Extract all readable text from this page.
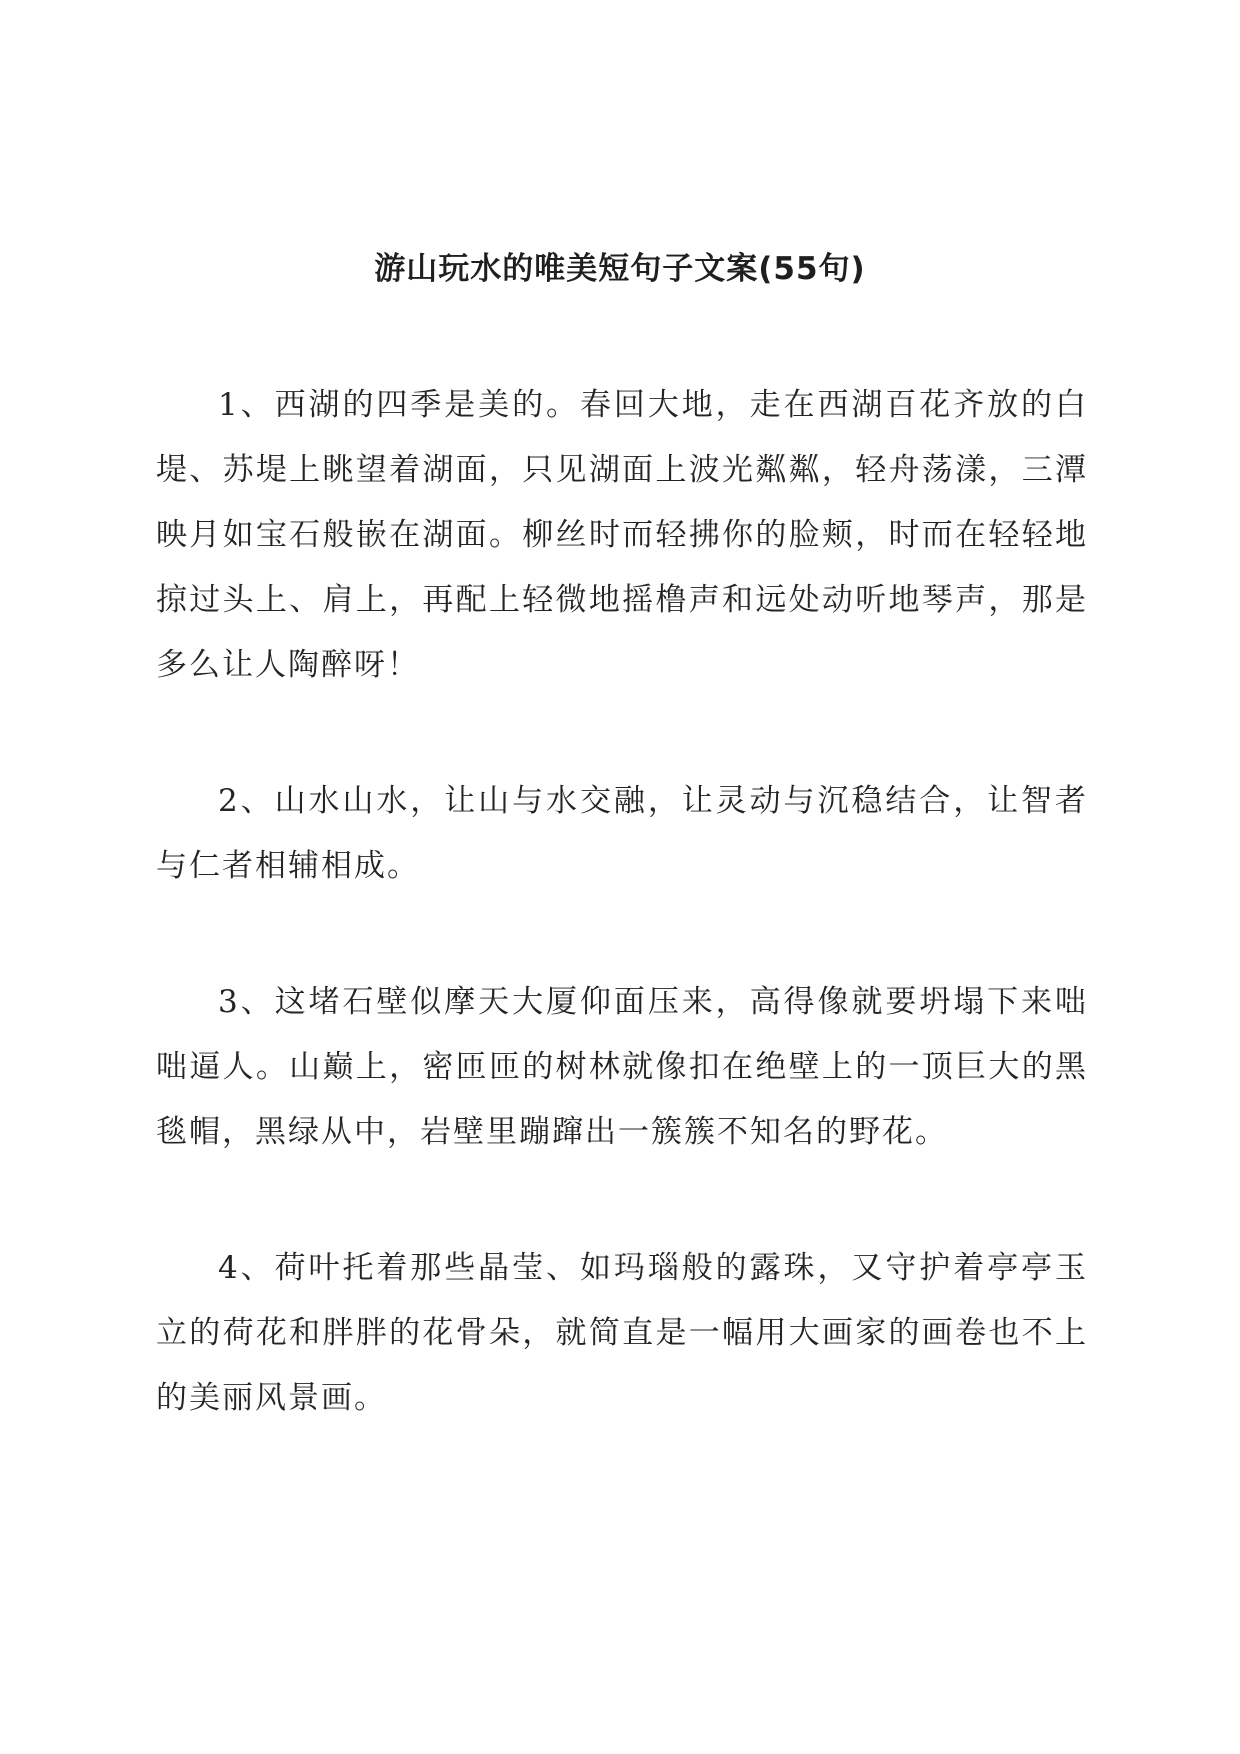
游山玩水的唯美短句子文案(55句)

1、西湖的四季是美的。春回大地，走在西湖百花齐放的白堤、苏堤上眺望着湖面，只见湖面上波光粼粼，轻舟荡漾，三潭映月如宝石般嵌在湖面。柳丝时而轻拂你的脸颊，时而在轻轻地掠过头上、肩上，再配上轻微地摇橹声和远处动听地琴声，那是多么让人陶醉呀！

2、山水山水，让山与水交融，让灵动与沉稳结合，让智者与仁者相辅相成。

3、这堵石壁似摩天大厦仰面压来，高得像就要坍塌下来咄咄逼人。山巅上，密匝匝的树林就像扣在绝壁上的一顶巨大的黑毯帽，黑绿从中，岩壁里蹦蹿出一簇簇不知名的野花。

4、荷叶托着那些晶莹、如玛瑙般的露珠，又守护着亭亭玉立的荷花和胖胖的花骨朵，就简直是一幅用大画家的画卷也不上的美丽风景画。
